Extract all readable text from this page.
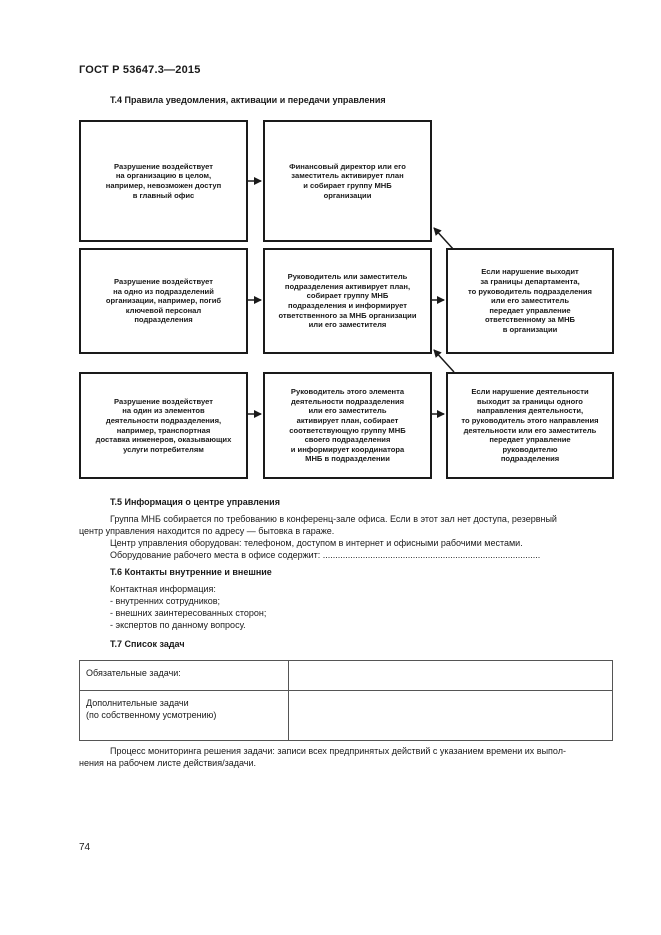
ГОСТ Р 53647.3—2015
Т.4 Правила уведомления, активации и передачи управления
Разрушение воздействует
на организацию в целом,
например, невозможен доступ
в главный офис
Финансовый директор или его
заместитель активирует план
и собирает группу МНБ
организации
Разрушение воздействует
на одно из подразделений
организации, например, погиб
ключевой персонал
подразделения
Руководитель или заместитель
подразделения активирует план,
собирает группу МНБ
подразделения и информирует
ответственного за МНБ организации
или его заместителя
Если нарушение выходит
за границы департамента,
то руководитель подразделения
или его заместитель
передает управление
ответственному за МНБ
в организации
Разрушение воздействует
на один из элементов
деятельности подразделения,
например, транспортная
доставка инженеров, оказывающих
услуги потребителям
Руководитель этого элемента
деятельности подразделения
или его заместитель
активирует план, собирает
соответствующую группу МНБ
своего подразделения
и информирует координатора
МНБ в подразделении
Если нарушение деятельности
выходит за границы одного
направления деятельности,
то руководитель этого направления
деятельности или его заместитель
передает управление
руководителю
подразделения
Т.5 Информация о центре управления
Группа МНБ собирается по требованию в конференц-зале офиса. Если в этот зал нет доступа, резервный
центр управления находится по адресу — бытовка в гараже.
Центр управления оборудован: телефоном, доступом в интернет и офисными рабочими местами.
Оборудование рабочего места в офисе содержит: .......................................................................................
Т.6 Контакты внутренние и внешние
Контактная информация:
- внутренних сотрудников;
- внешних заинтересованных сторон;
- экспертов по данному вопросу.
Т.7 Список задач
Обязательные задачи:	

Дополнительные задачи
(по собственному усмотрению)	

Процесс мониторинга решения задачи: записи всех предпринятых действий с указанием времени их выпол-
нения на рабочем листе действия/задачи.
74
